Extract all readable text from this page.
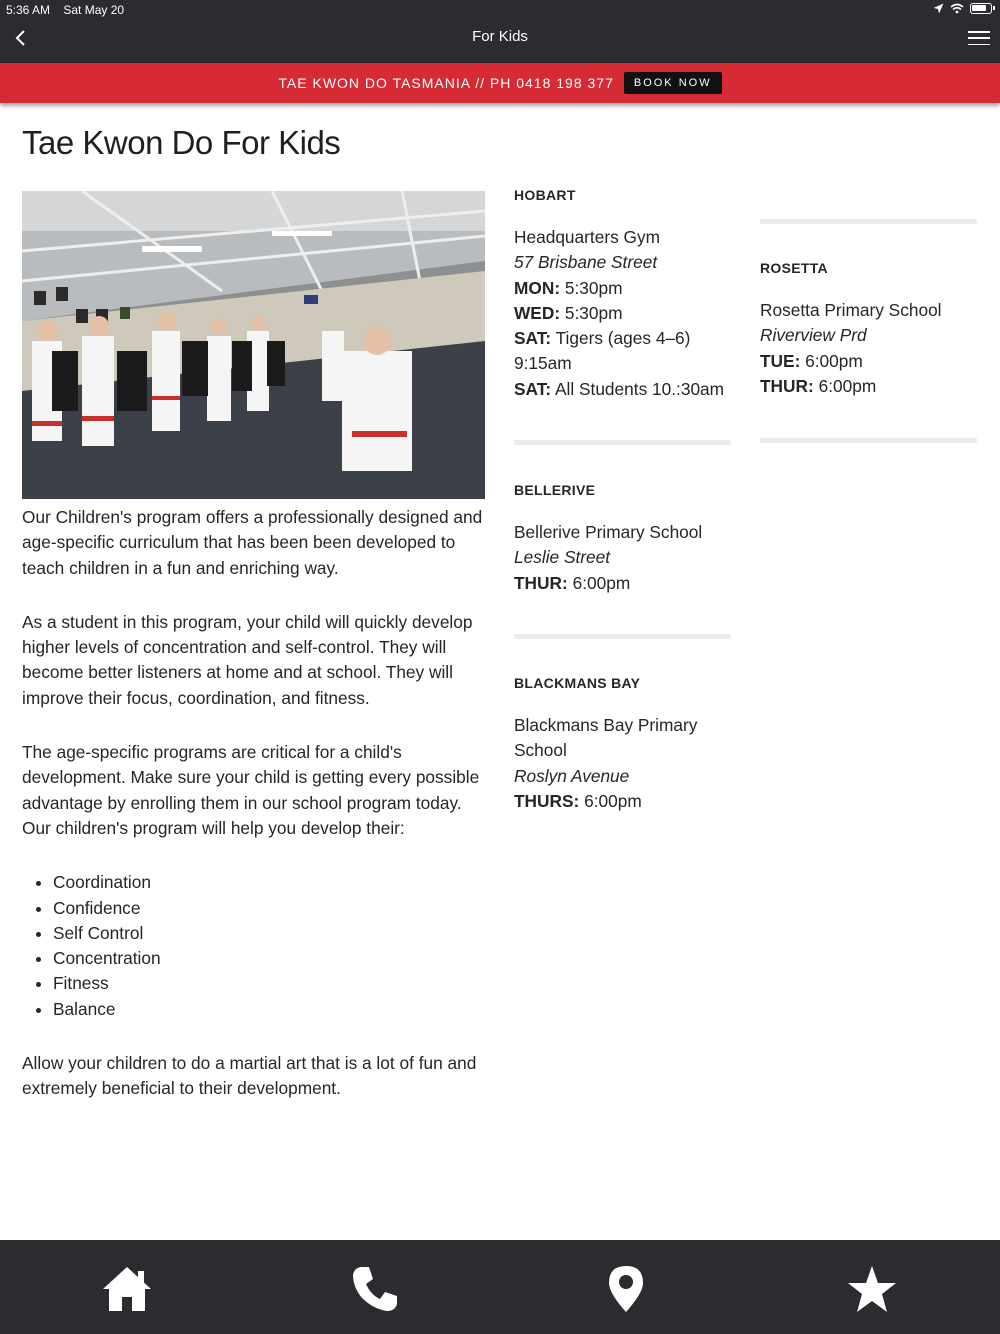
5:36 AM Sat May 20
For Kids
TAE KWON DO TASMANIA // PH 0418 198 377	BOOK NOW
Tae Kwon Do For Kids

Our Children's program offers a professionally designed and age-specific curriculum that has been been developed to teach children in a fun and enriching way.

As a student in this program, your child will quickly develop higher levels of concentration and self-control. They will become better listeners at home and at school. They will improve their focus, coordination, and fitness.

The age-specific programs are critical for a child's development. Make sure your child is getting every possible advantage by enrolling them in our school program today. Our children's program will help you develop their:

• Coordination
• Confidence
• Self Control
• Concentration
• Fitness
• Balance

Allow your children to do a martial art that is a lot of fun and extremely beneficial to their development.

HOBART
Headquarters Gym
57 Brisbane Street
MON: 5:30pm
WED: 5:30pm
SAT: Tigers (ages 4–6) 9:15am
SAT: All Students 10.:30am
BELLERIVE
Bellerive Primary School
Leslie Street
THUR: 6:00pm
BLACKMANS BAY
Blackmans Bay Primary School
Roslyn Avenue
THURS: 6:00pm
ROSETTA
Rosetta Primary School
Riverview Prd
TUE: 6:00pm
THUR: 6:00pm
